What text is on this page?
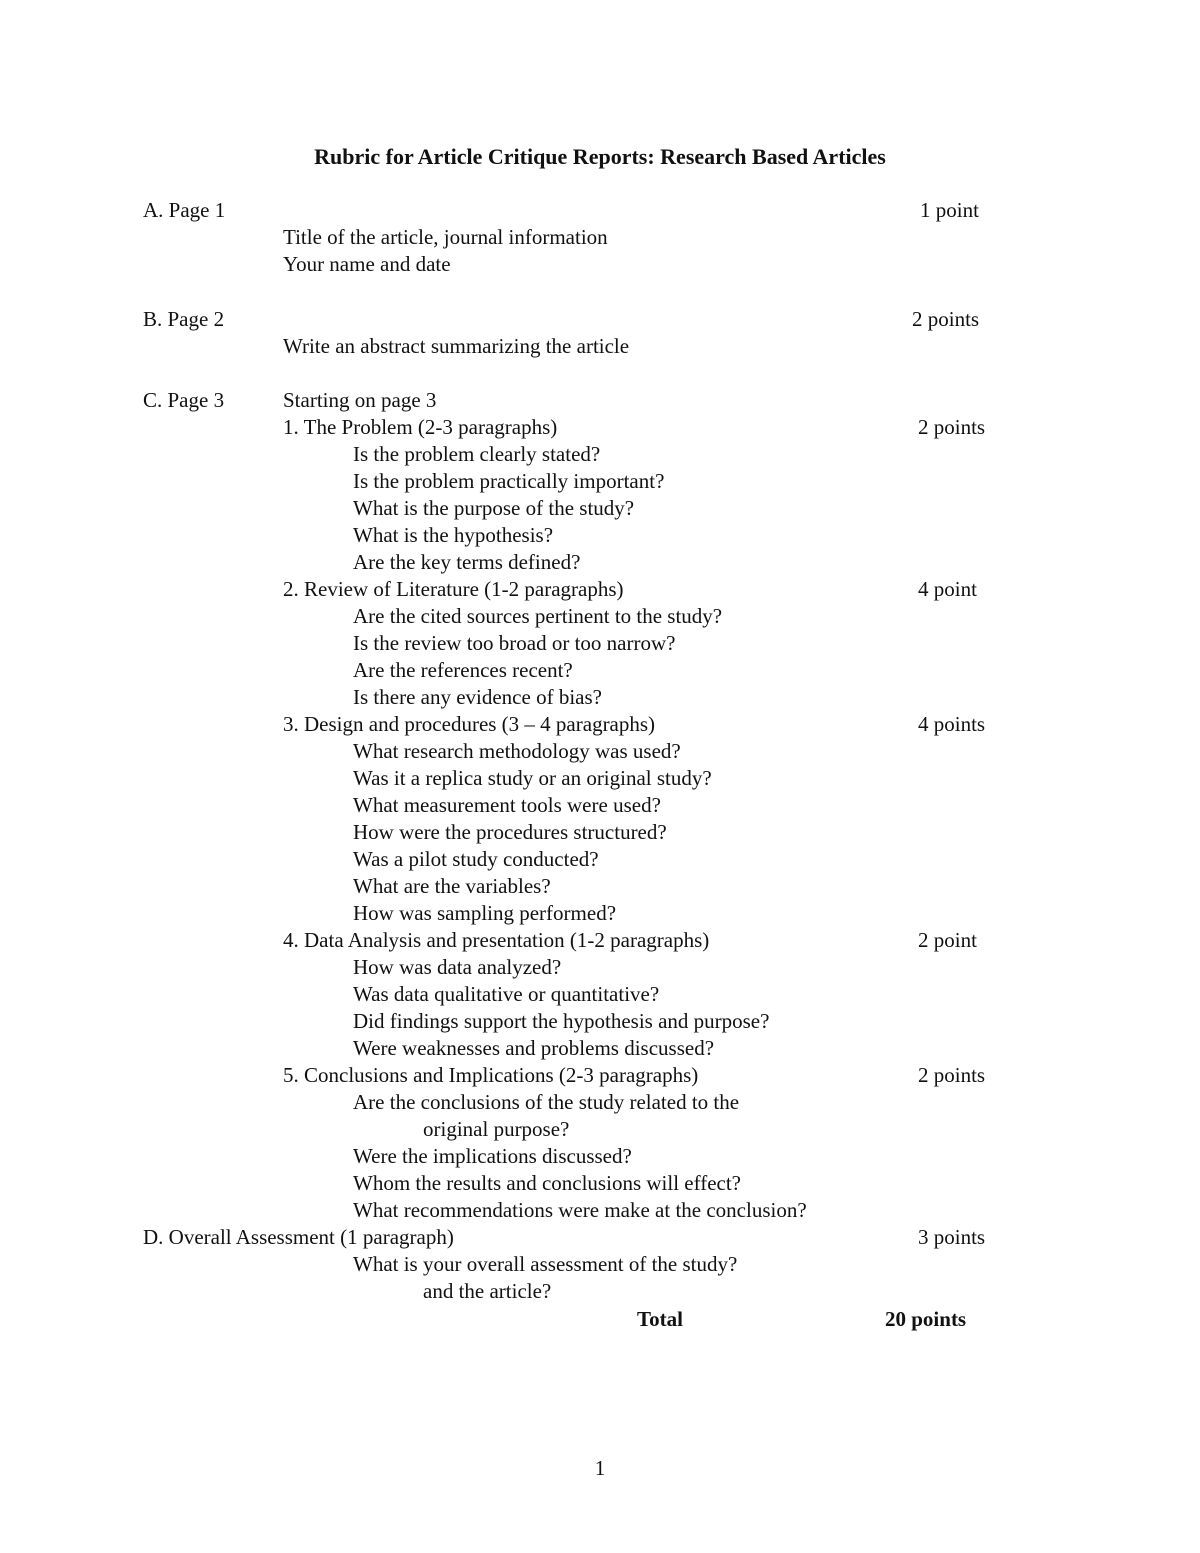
Rubric for Article Critique Reports: Research Based Articles
A. Page 1	1 point
Title of the article, journal information
Your name and date
B. Page 2	2 points
Write an abstract summarizing the article
C. Page 3	Starting on page 3
1. The Problem (2-3 paragraphs)	2 points
Is the problem clearly stated?
Is the problem practically important?
What is the purpose of the study?
What is the hypothesis?
Are the key terms defined?
2. Review of Literature (1-2 paragraphs)	4 point
Are the cited sources pertinent to the study?
Is the review too broad or too narrow?
Are the references recent?
Is there any evidence of bias?
3. Design and procedures (3 – 4 paragraphs)	4 points
What research methodology was used?
Was it a replica study or an original study?
What measurement tools were used?
How were the procedures structured?
Was a pilot study conducted?
What are the variables?
How was sampling performed?
4. Data Analysis and presentation (1-2 paragraphs)	2 point
How was data analyzed?
Was data qualitative or quantitative?
Did findings support the hypothesis and purpose?
Were weaknesses and problems discussed?
5. Conclusions and Implications (2-3 paragraphs)	2 points
Are the conclusions of the study related to the
original purpose?
Were the implications discussed?
Whom the results and conclusions will effect?
What recommendations were make at the conclusion?
D. Overall Assessment (1 paragraph)	3 points
What is your overall assessment of the study?
and the article?
Total	20 points
1
